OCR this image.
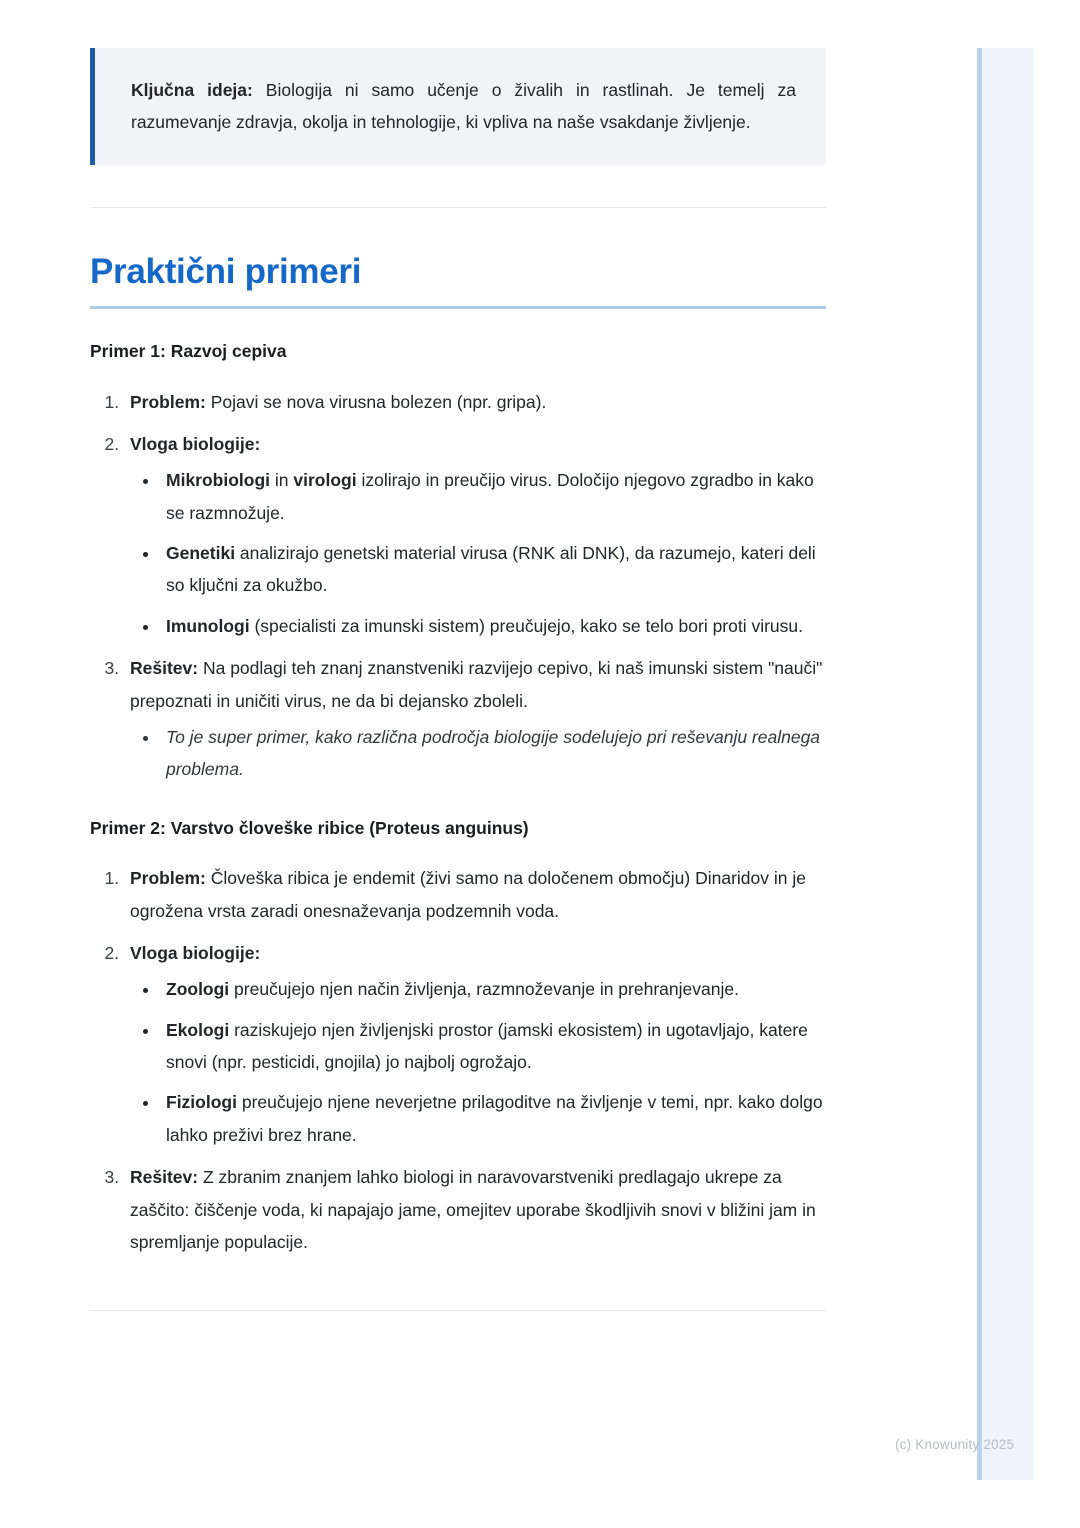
Ključna ideja: Biologija ni samo učenje o živalih in rastlinah. Je temelj za razumevanje zdravja, okolja in tehnologije, ki vpliva na naše vsakdanje življenje.

Praktični primeri
Primer 1: Razvoj cepiva
1. Problem: Pojavi se nova virusna bolezen (npr. gripa).
2. Vloga biologije:
• Mikrobiologi in virologi izolirajo in preučijo virus. Določijo njegovo zgradbo in kako se razmnožuje.
• Genetiki analizirajo genetski material virusa (RNK ali DNK), da razumejo, kateri deli so ključni za okužbo.
• Imunologi (specialisti za imunski sistem) preučujejo, kako se telo bori proti virusu.
3. Rešitev: Na podlagi teh znanj znanstveniki razvijejo cepivo, ki naš imunski sistem "nauči" prepoznati in uničiti virus, ne da bi dejansko zboleli.
• To je super primer, kako različna področja biologije sodelujejo pri reševanju realnega problema.
Primer 2: Varstvo človeške ribice (Proteus anguinus)
1. Problem: Človeška ribica je endemit (živi samo na določenem območju) Dinaridov in je ogrožena vrsta zaradi onesnaževanja podzemnih voda.
2. Vloga biologije:
• Zoologi preučujejo njen način življenja, razmnoževanje in prehranjevanje.
• Ekologi raziskujejo njen življenjski prostor (jamski ekosistem) in ugotavljajo, katere snovi (npr. pesticidi, gnojila) jo najbolj ogrožajo.
• Fiziologi preučujejo njene neverjetne prilagoditve na življenje v temi, npr. kako dolgo lahko preživi brez hrane.
3. Rešitev: Z zbranim znanjem lahko biologi in naravovarstveniki predlagajo ukrepe za zaščito: čiščenje voda, ki napajajo jame, omejitev uporabe škodljivih snovi v bližini jam in spremljanje populacije.
(c) Knowunity 2025
